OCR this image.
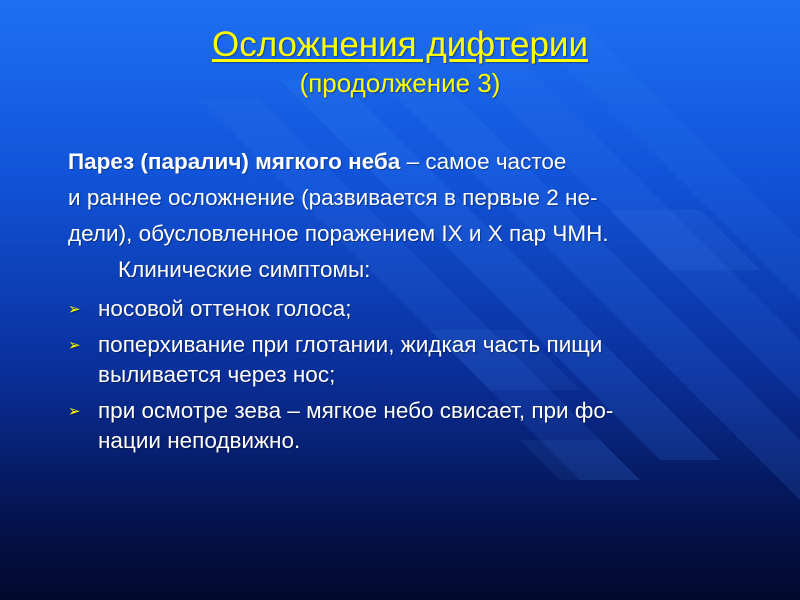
Осложнения дифтерии
(продолжение 3)
Парез (паралич) мягкого неба – самое частое
и раннее осложнение (развивается в первые 2 не-
дели), обусловленное поражением IX и X пар ЧМН.
Клинические симптомы:
➢ носовой оттенок голоса;
➢ поперхивание при глотании, жидкая часть пищи
выливается через нос;
➢ при осмотре зева – мягкое небо свисает, при фо-
нации неподвижно.
